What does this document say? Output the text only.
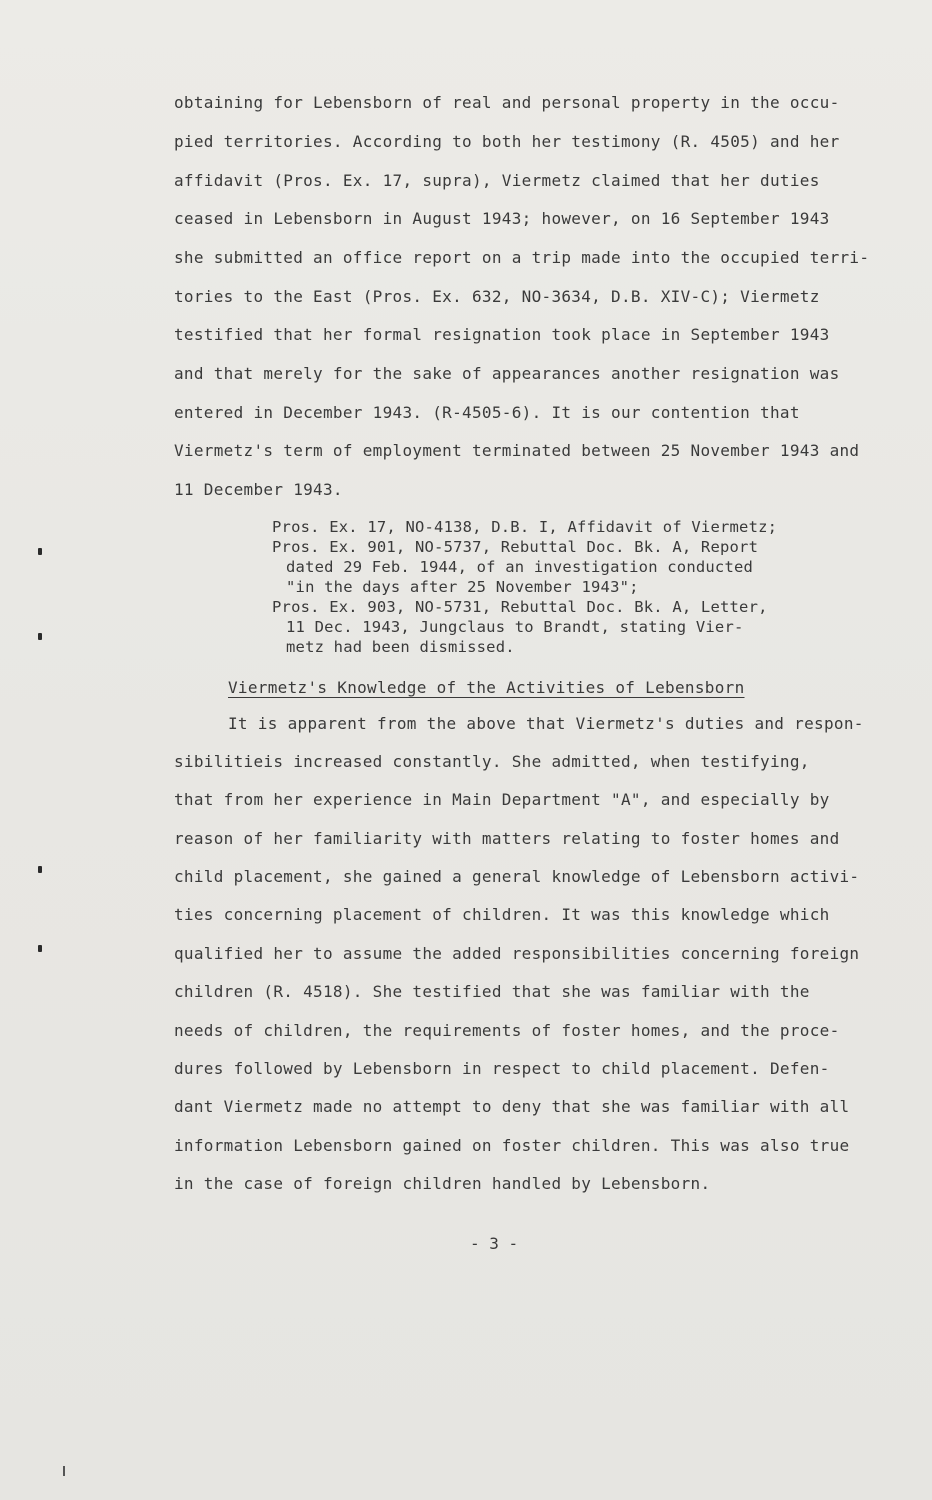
obtaining for Lebensborn of real and personal property in the occu-
pied territories. According to both her testimony (R. 4505) and her
affidavit (Pros. Ex. 17, supra), Viermetz claimed that her duties
ceased in Lebensborn in August 1943; however, on 16 September 1943
she submitted an office report on a trip made into the occupied terri-
tories to the East (Pros. Ex. 632, NO-3634, D.B. XIV-C); Viermetz
testified that her formal resignation took place in September 1943
and that merely for the sake of appearances another resignation was
entered in December 1943. (R-4505-6). It is our contention that
Viermetz's term of employment terminated between 25 November 1943 and
11 December 1943.
Pros. Ex. 17, NO-4138, D.B. I, Affidavit of Viermetz;
Pros. Ex. 901, NO-5737, Rebuttal Doc. Bk. A, Report
dated 29 Feb. 1944, of an investigation conducted
"in the days after 25 November 1943";
Pros. Ex. 903, NO-5731, Rebuttal Doc. Bk. A, Letter,
11 Dec. 1943, Jungclaus to Brandt, stating Vier-
metz had been dismissed.
Viermetz's Knowledge of the Activities of Lebensborn
It is apparent from the above that Viermetz's duties and respon-
sibilitieis increased constantly. She admitted, when testifying,
that from her experience in Main Department "A", and especially by
reason of her familiarity with matters relating to foster homes and
child placement, she gained a general knowledge of Lebensborn activi-
ties concerning placement of children. It was this knowledge which
qualified her to assume the added responsibilities concerning foreign
children (R. 4518). She testified that she was familiar with the
needs of children, the requirements of foster homes, and the proce-
dures followed by Lebensborn in respect to child placement. Defen-
dant Viermetz made no attempt to deny that she was familiar with all
information Lebensborn gained on foster children. This was also true
in the case of foreign children handled by Lebensborn.
- 3 -
